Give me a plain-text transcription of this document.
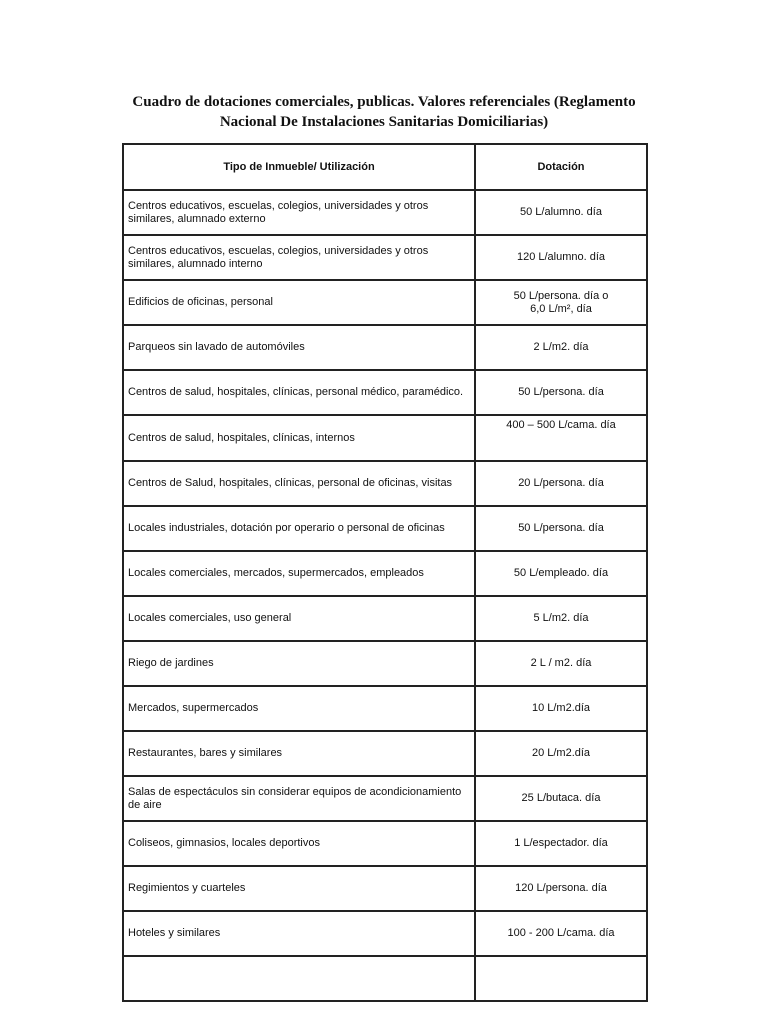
Cuadro de dotaciones comerciales, publicas. Valores referenciales (Reglamento
Nacional De Instalaciones Sanitarias Domiciliarias)
Tipo de Inmueble/ Utilización	Dotación
Centros educativos, escuelas, colegios, universidades y otros similares, alumnado externo	50 L/alumno. día
Centros educativos, escuelas, colegios, universidades y otros similares, alumnado interno	120 L/alumno. día
Edificios de oficinas, personal	50 L/persona. día o
6,0 L/m², día

Parqueos sin lavado de automóviles	2 L/m2. día
Centros de salud, hospitales, clínicas, personal médico, paramédico.	50 L/persona. día
Centros de salud, hospitales, clínicas, internos	400 – 500 L/cama. día
Centros de Salud, hospitales, clínicas, personal de oficinas, visitas	20 L/persona. día
Locales industriales, dotación por operario o personal de oficinas	50 L/persona. día
Locales comerciales, mercados, supermercados, empleados	50 L/empleado. día
Locales comerciales, uso general	5 L/m2. día
Riego de jardines	2 L / m2. día
Mercados, supermercados	10 L/m2.día
Restaurantes, bares y similares	20 L/m2.día
Salas de espectáculos sin considerar equipos de acondicionamiento de aire	25 L/butaca. día
Coliseos, gimnasios, locales deportivos	1 L/espectador. día
Regimientos y cuarteles	120 L/persona. día
Hoteles y similares	100 - 200 L/cama. día
